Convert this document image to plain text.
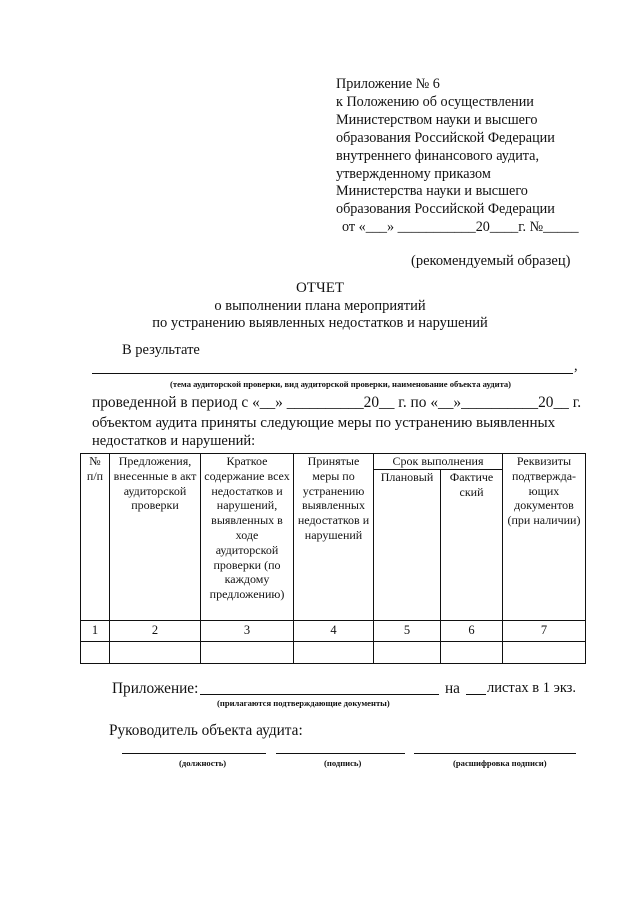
Приложение № 6
к Положению об осуществлении
Министерством науки и высшего
образования Российской Федерации
внутреннего финансового аудита,
утвержденному приказом
Министерства науки и высшего
образования Российской Федерации
от «___» ___________20____г. №_____
(рекомендуемый образец)
ОТЧЕТ
о выполнении плана мероприятий
по устранению выявленных недостатков и нарушений
В результате
,
(тема аудиторской проверки, вид аудиторской проверки, наименование объекта аудита)
проведенной в период с «__» __________20__ г. по «__»__________20__ г.
объектом аудита приняты следующие меры по устранению выявленных
недостатков и нарушений:
№ п/п	Предложения, внесенные в акт аудиторской проверки	Краткое содержание всех недостатков и нарушений, выявленных в ходе аудиторской проверки (по каждому предложению)	Принятые меры по устранению выявленных недостатков и нарушений	Срок выполнения		Реквизиты подтвержда- ющих документов (при наличии)
				Плановый	Фактиче ский	
1	2	3	4	5	6	7

Приложение:	на листах в 1 экз.
(прилагаются подтверждающие документы)
Руководитель объекта аудита:
(должность)	(подпись)	(расшифровка подписи)
